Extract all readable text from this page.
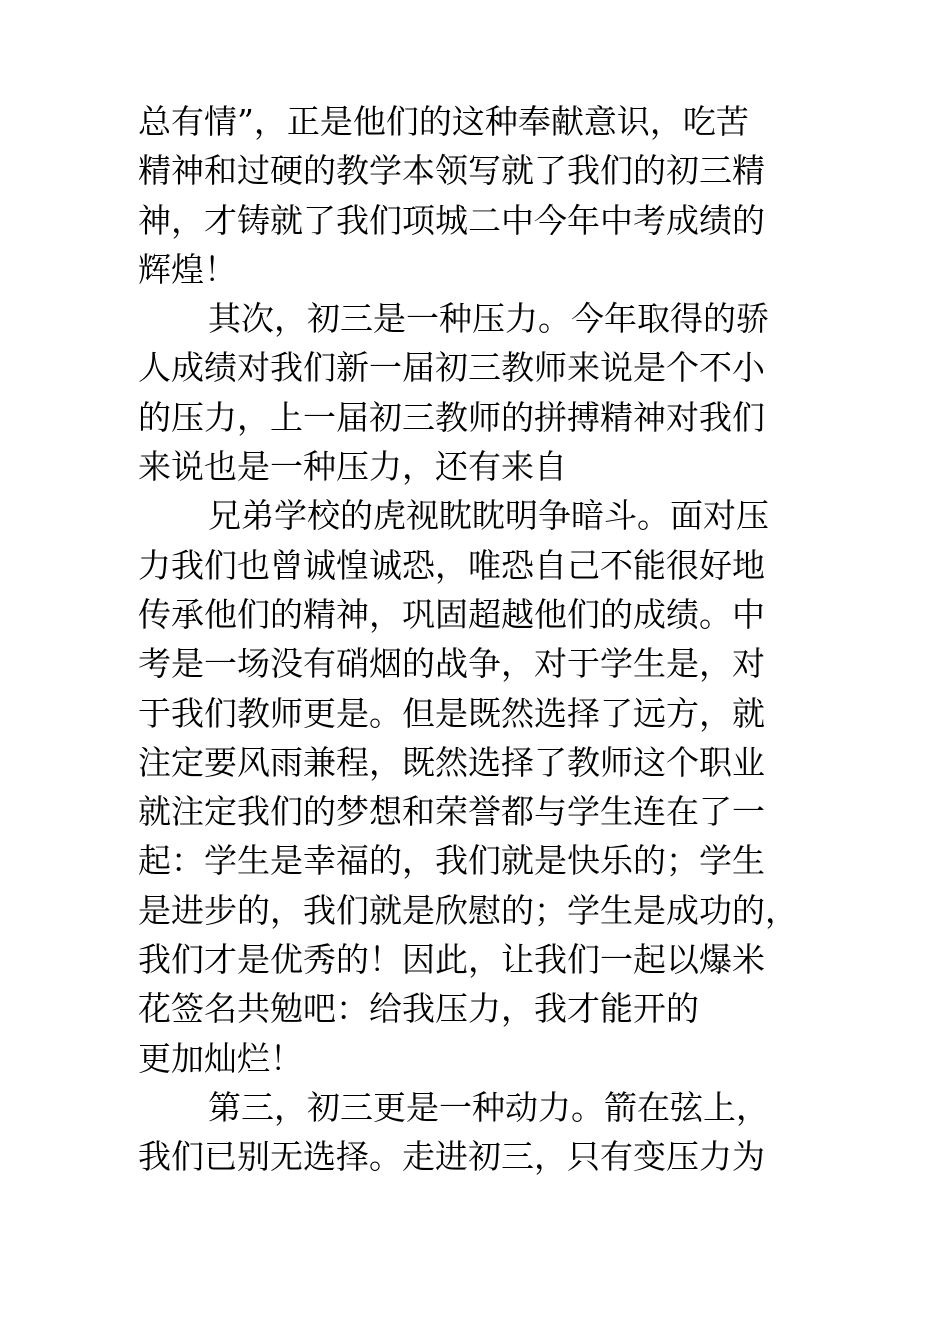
总有情”，正是他们的这种奉献意识，吃苦
精神和过硬的教学本领写就了我们的初三精
神，才铸就了我们项城二中今年中考成绩的
辉煌！
其次，初三是一种压力。今年取得的骄
人成绩对我们新一届初三教师来说是个不小
的压力，上一届初三教师的拼搏精神对我们
来说也是一种压力，还有来自
兄弟学校的虎视眈眈明争暗斗。面对压
力我们也曾诚惶诚恐，唯恐自己不能很好地
传承他们的精神，巩固超越他们的成绩。中
考是一场没有硝烟的战争，对于学生是，对
于我们教师更是。但是既然选择了远方，就
注定要风雨兼程，既然选择了教师这个职业
就注定我们的梦想和荣誉都与学生连在了一
起：学生是幸福的，我们就是快乐的；学生
是进步的，我们就是欣慰的；学生是成功的，
我们才是优秀的！因此，让我们一起以爆米
花签名共勉吧：给我压力，我才能开的
更加灿烂！
第三，初三更是一种动力。箭在弦上，
我们已别无选择。走进初三，只有变压力为
